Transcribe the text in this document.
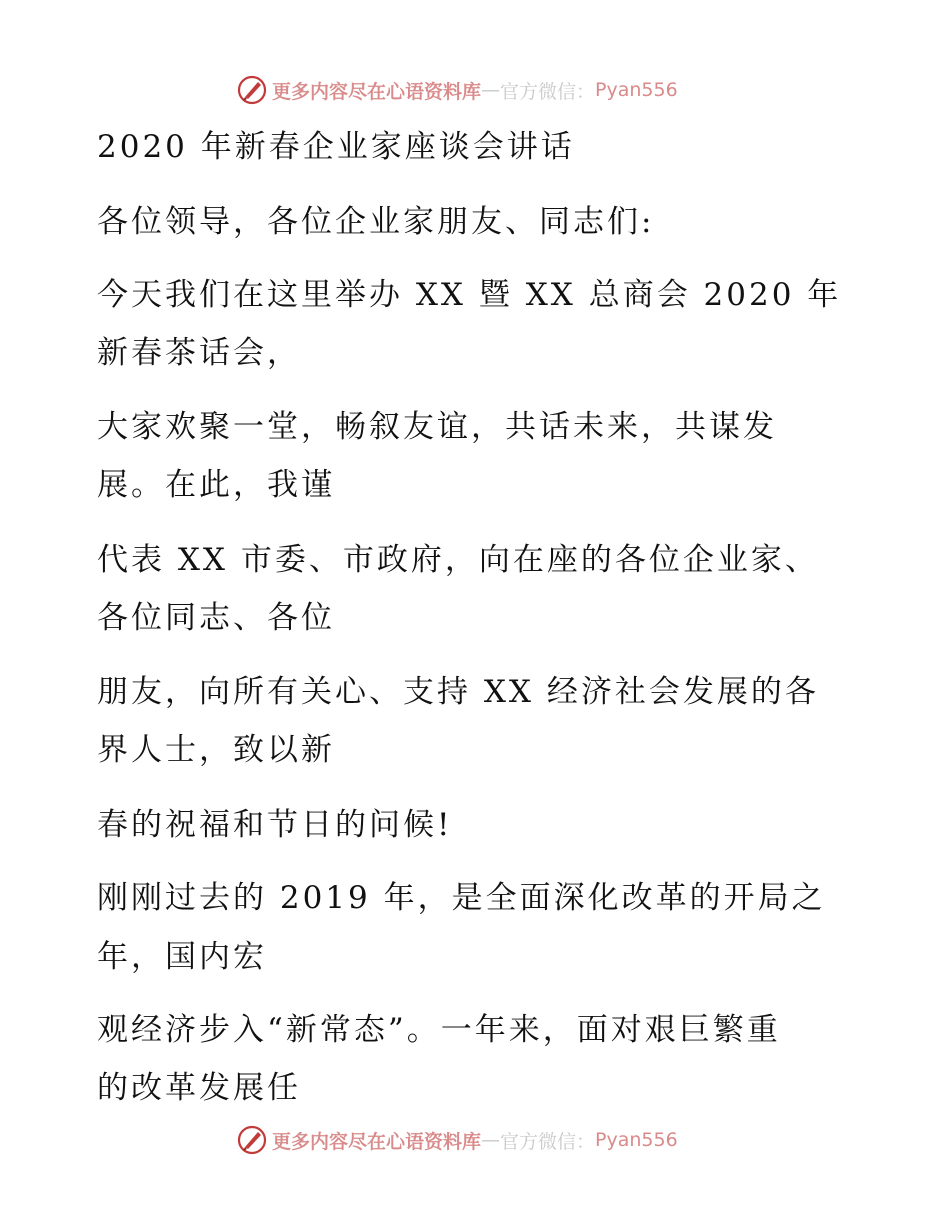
更多内容尽在心语资料库 — 官方微信： Pyan556
2020 年新春企业家座谈会讲话
各位领导，各位企业家朋友、同志们:
今天我们在这里举办 XX 暨 XX 总商会 2020 年
新春茶话会，
大家欢聚一堂，畅叙友谊，共话未来，共谋发
展。在此，我谨
代表 XX 市委、市政府，向在座的各位企业家、
各位同志、各位
朋友，向所有关心、支持 XX 经济社会发展的各
界人士，致以新
春的祝福和节日的问候!
刚刚过去的 2019 年，是全面深化改革的开局之
年，国内宏
观经济步入“新常态”。一年来，面对艰巨繁重
的改革发展任
更多内容尽在心语资料库 — 官方微信： Pyan556
